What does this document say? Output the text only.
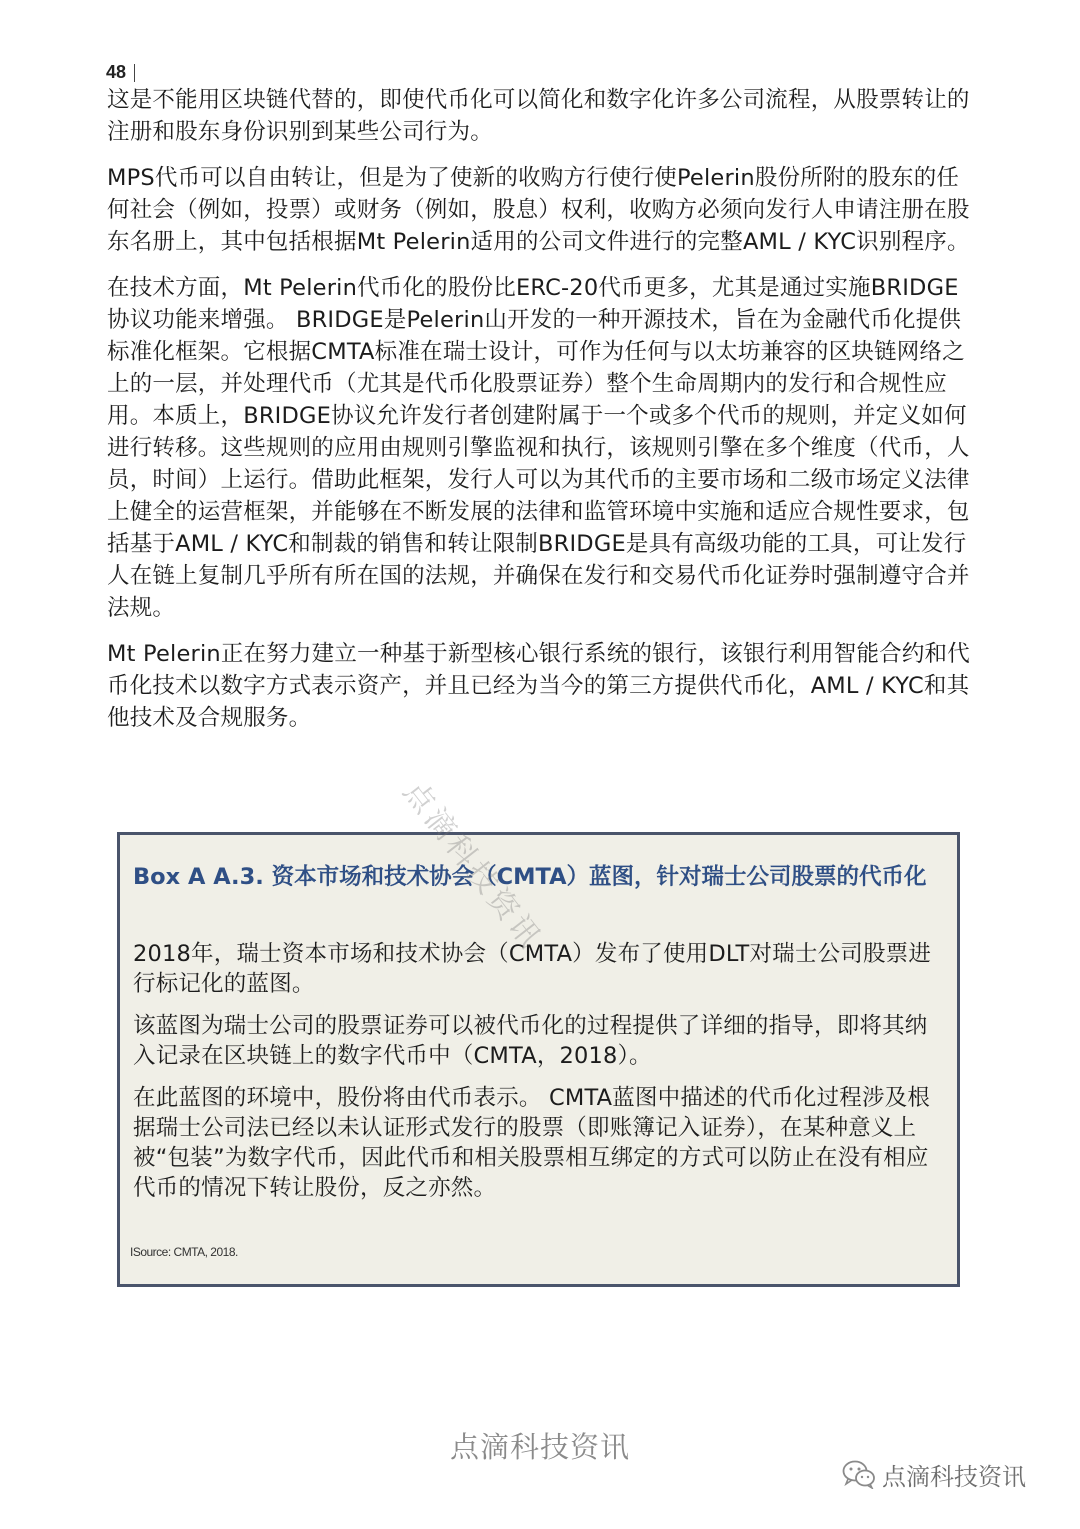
48

这是不能用区块链代替的，即使代币化可以简化和数字化许多公司流程，从股票转让的注册和股东身份识别到某些公司行为。

MPS代币可以自由转让，但是为了使新的收购方行使行使Pelerin股份所附的股东的任何社会（例如，投票）或财务（例如，股息）权利，收购方必须向发行人申请注册在股东名册上，其中包括根据Mt Pelerin适用的公司文件进行的完整AML / KYC识别程序。

在技术方面，Mt Pelerin代币化的股份比ERC-20代币更多，尤其是通过实施BRIDGE协议功能来增强。 BRIDGE是Pelerin山开发的一种开源技术，旨在为金融代币化提供标准化框架。它根据CMTA标准在瑞士设计，可作为任何与以太坊兼容的区块链网络之上的一层，并处理代币（尤其是代币化股票证券）整个生命周期内的发行和合规性应用。本质上，BRIDGE协议允许发行者创建附属于一个或多个代币的规则，并定义如何进行转移。这些规则的应用由规则引擎监视和执行，该规则引擎在多个维度（代币，人员，时间）上运行。借助此框架，发行人可以为其代币的主要市场和二级市场定义法律上健全的运营框架，并能够在不断发展的法律和监管环境中实施和适应合规性要求，包括基于AML / KYC和制裁的销售和转让限制BRIDGE是具有高级功能的工具，可让发行人在链上复制几乎所有所在国的法规，并确保在发行和交易代币化证券时强制遵守合并法规。

Mt Pelerin正在努力建立一种基于新型核心银行系统的银行，该银行利用智能合约和代币化技术以数字方式表示资产，并且已经为当今的第三方提供代币化，AML / KYC和其他技术及合规服务。

Box A A.3. 资本市场和技术协会（CMTA）蓝图，针对瑞士公司股票的代币化

2018年，瑞士资本市场和技术协会（CMTA）发布了使用DLT对瑞士公司股票进行标记化的蓝图。

该蓝图为瑞士公司的股票证券可以被代币化的过程提供了详细的指导，即将其纳入记录在区块链上的数字代币中（CMTA，2018）。

在此蓝图的环境中，股份将由代币表示。 CMTA蓝图中描述的代币化过程涉及根据瑞士公司法已经以未认证形式发行的股票（即账簿记入证券），在某种意义上被“包装”为数字代币，因此代币和相关股票相互绑定的方式可以防止在没有相应代币的情况下转让股份，反之亦然。

ISource: CMTA, 2018.
点滴科技资讯
点滴科技资讯
点滴科技资讯
